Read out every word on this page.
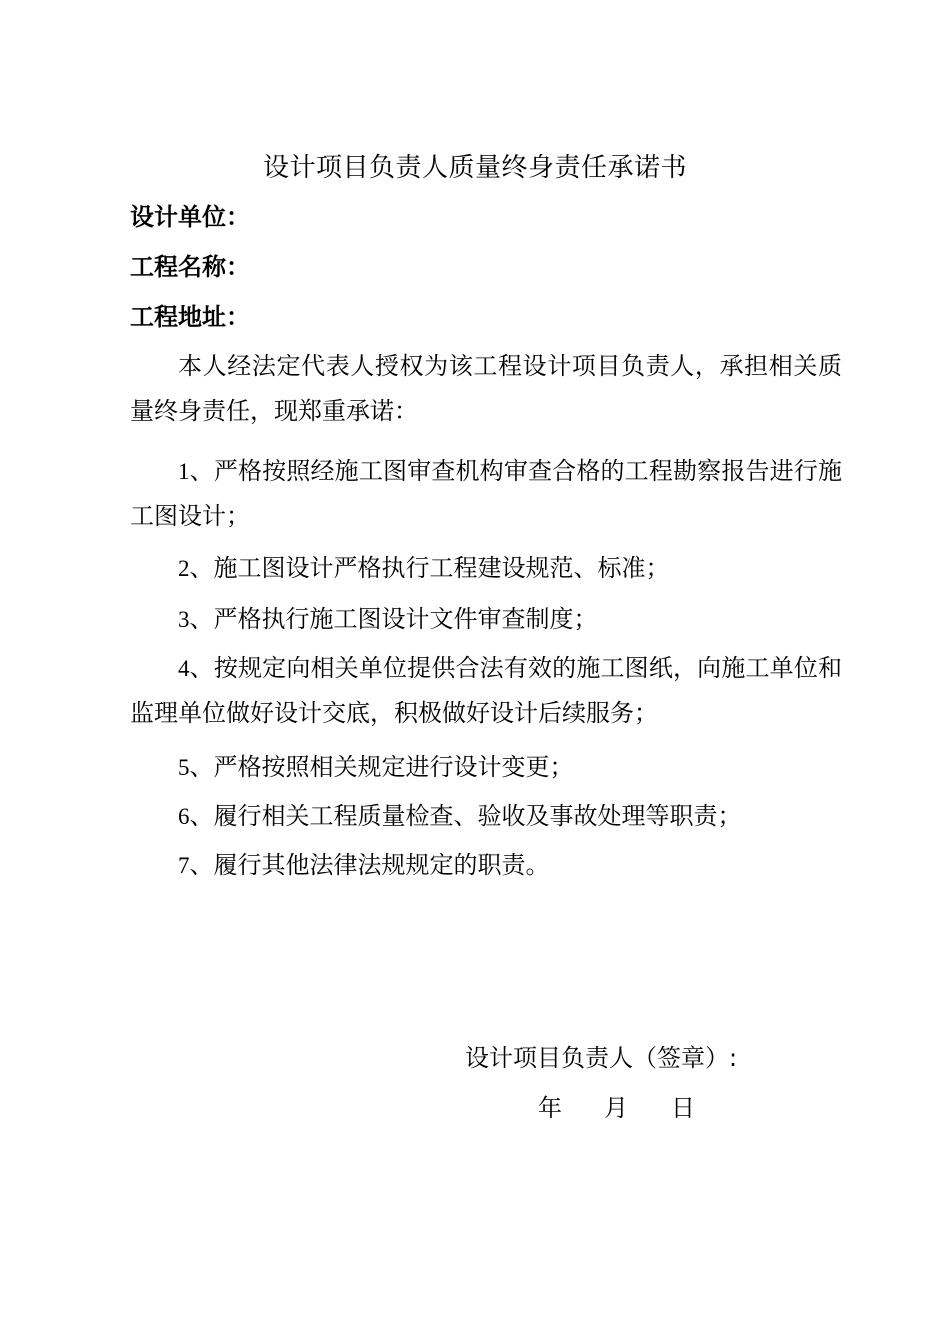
设计项目负责人质量终身责任承诺书
设计单位：
工程名称：
工程地址：
本人经法定代表人授权为该工程设计项目负责人，承担相关质量终身责任，现郑重承诺：
1、严格按照经施工图审查机构审查合格的工程勘察报告进行施工图设计；
2、施工图设计严格执行工程建设规范、标准；
3、严格执行施工图设计文件审查制度；
4、按规定向相关单位提供合法有效的施工图纸，向施工单位和监理单位做好设计交底，积极做好设计后续服务；
5、严格按照相关规定进行设计变更；
6、履行相关工程质量检查、验收及事故处理等职责；
7、履行其他法律法规规定的职责。
设计项目负责人（签章）:
年	月	日
